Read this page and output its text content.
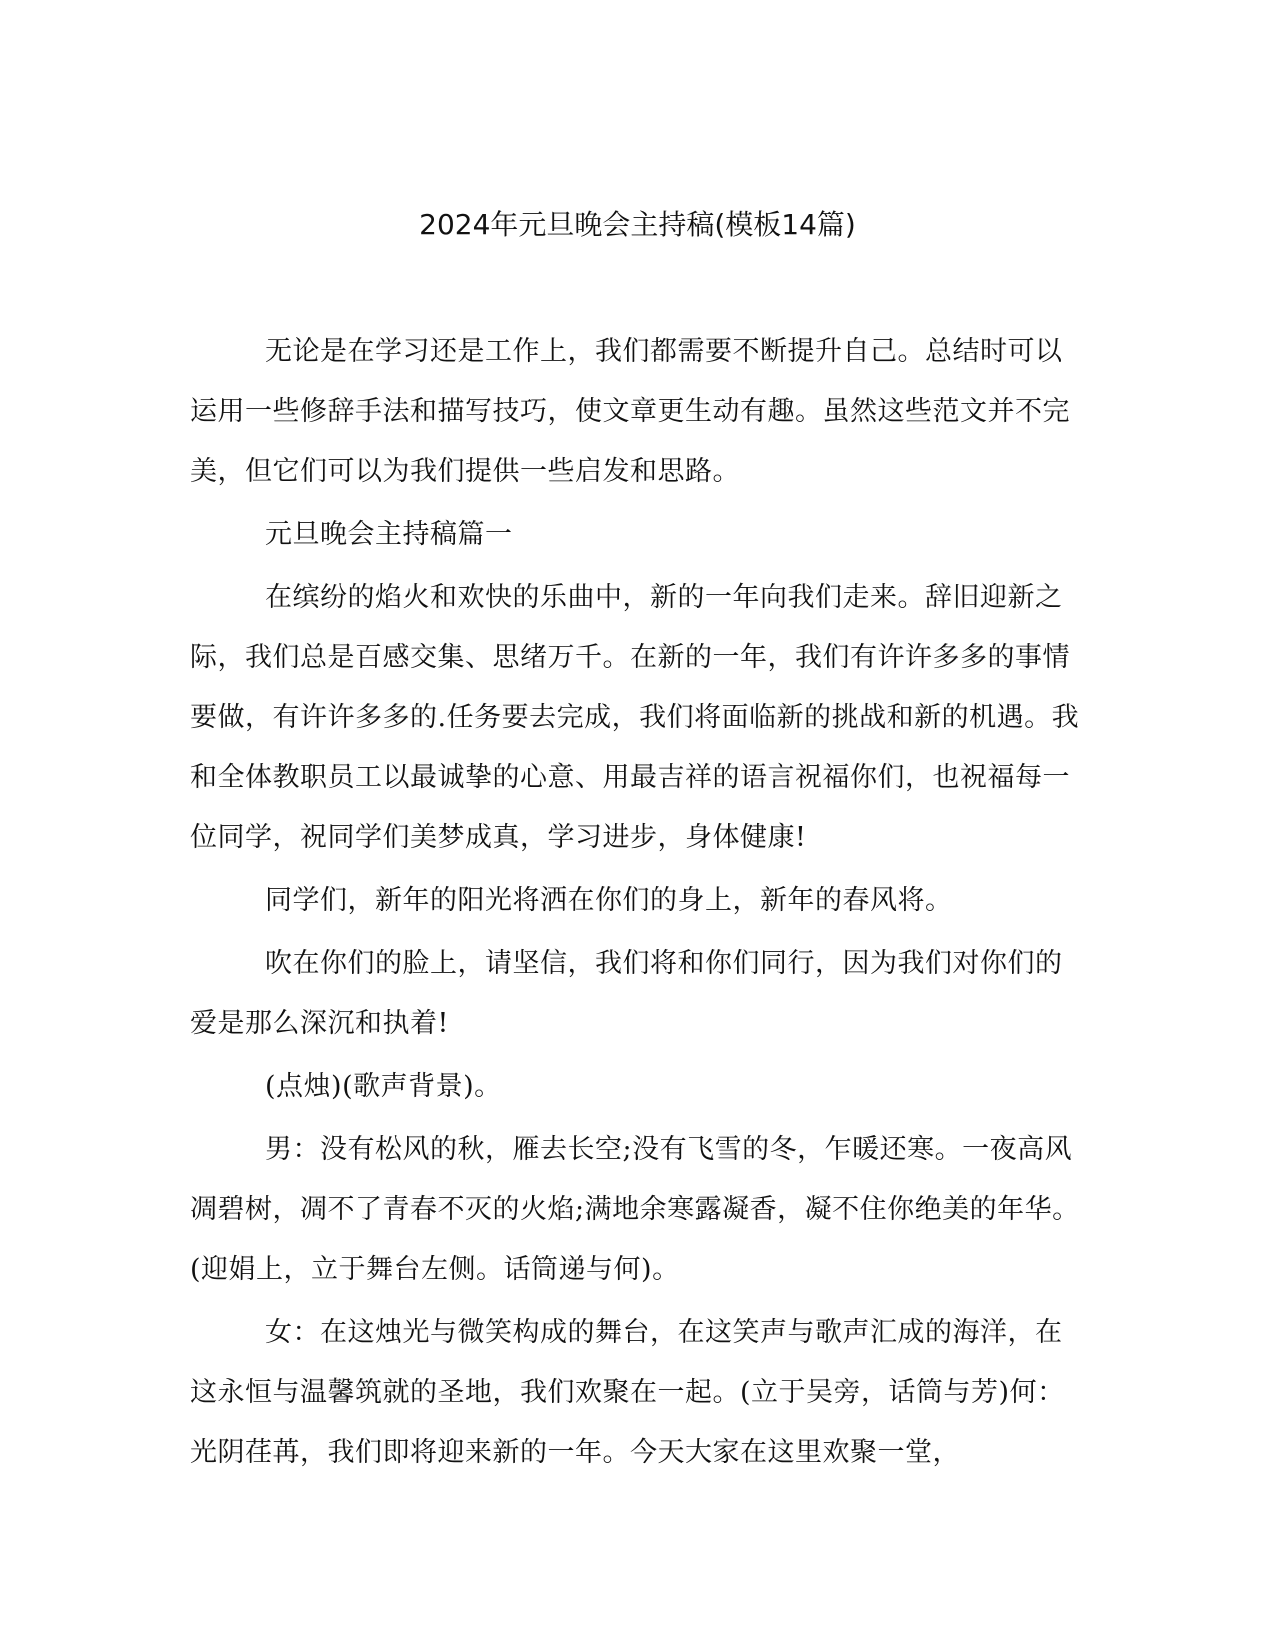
2024年元旦晚会主持稿(模板14篇)

无论是在学习还是工作上，我们都需要不断提升自己。总结时可以运用一些修辞手法和描写技巧，使文章更生动有趣。虽然这些范文并不完美，但它们可以为我们提供一些启发和思路。

元旦晚会主持稿篇一

在缤纷的焰火和欢快的乐曲中，新的一年向我们走来。辞旧迎新之际，我们总是百感交集、思绪万千。在新的一年，我们有许许多多的事情要做，有许许多多的.任务要去完成，我们将面临新的挑战和新的机遇。我和全体教职员工以最诚挚的心意、用最吉祥的语言祝福你们，也祝福每一位同学，祝同学们美梦成真，学习进步，身体健康!

同学们，新年的阳光将洒在你们的身上，新年的春风将。

吹在你们的脸上，请坚信，我们将和你们同行，因为我们对你们的爱是那么深沉和执着!

(点烛)(歌声背景)。

男：没有松风的秋，雁去长空;没有飞雪的冬，乍暖还寒。一夜高风凋碧树，凋不了青春不灭的火焰;满地余寒露凝香，凝不住你绝美的年华。(迎娟上，立于舞台左侧。话筒递与何)。

女：在这烛光与微笑构成的舞台，在这笑声与歌声汇成的海洋，在这永恒与温馨筑就的圣地，我们欢聚在一起。(立于吴旁，话筒与芳)何：光阴荏苒，我们即将迎来新的一年。今天大家在这里欢聚一堂，
